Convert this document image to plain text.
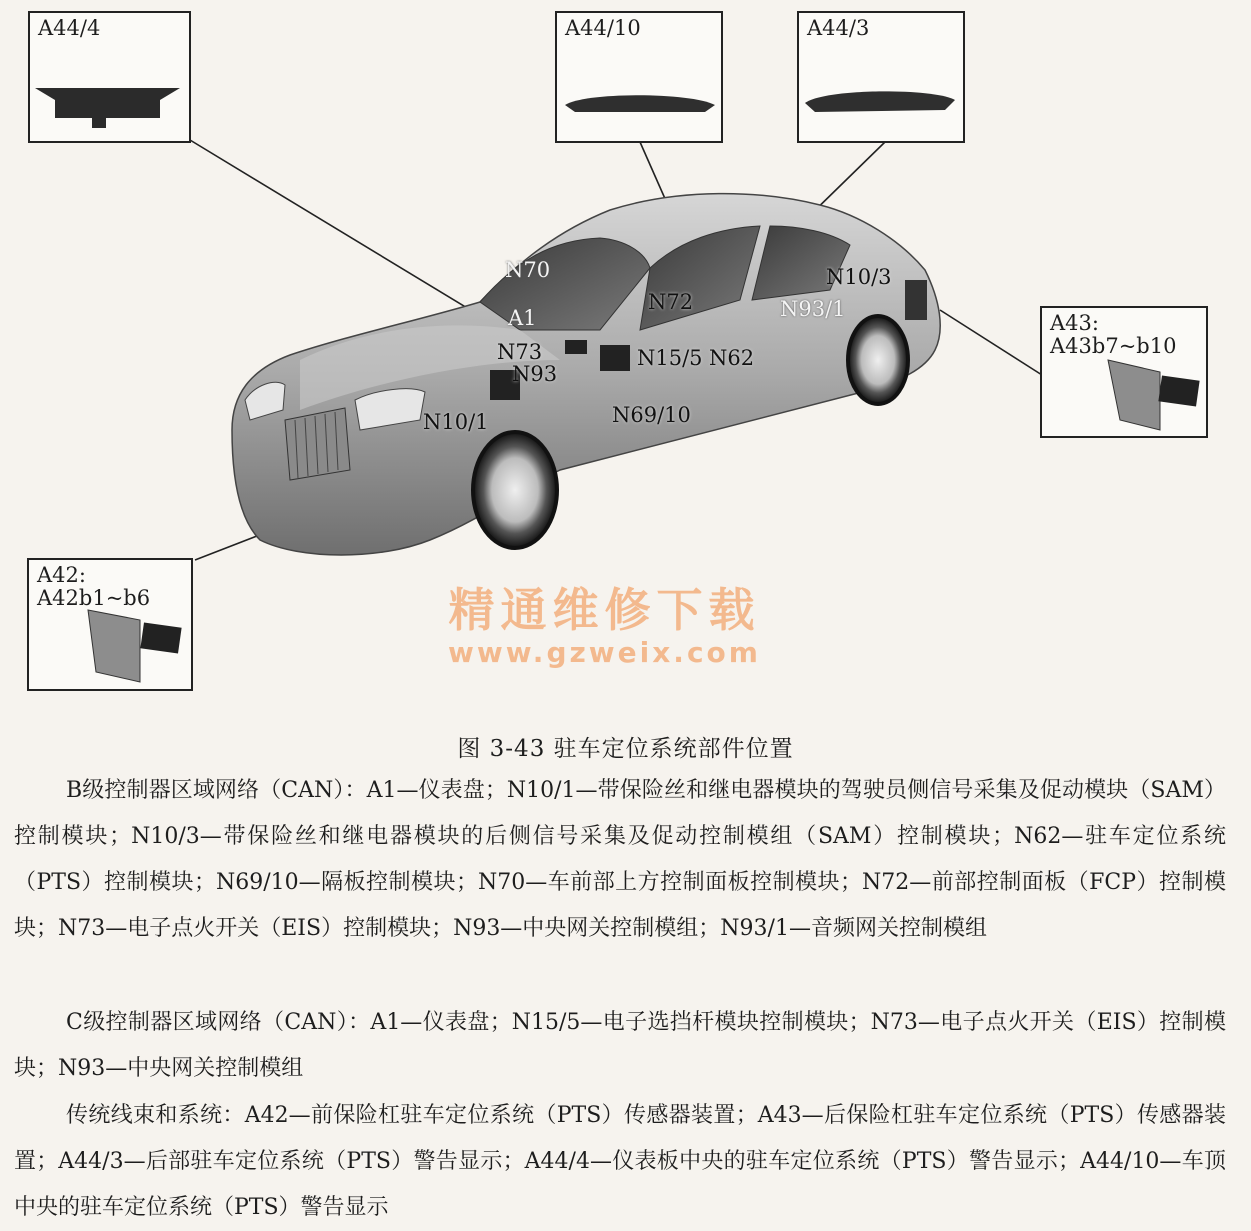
A44/4	A44/10	A44/3
A43:
A43b7~b10
A42:
A42b1~b6
N70
A1
N72
N73
N93
N15/5 N62
N10/1	N69/10
N10/3
N93/1
精通维修下载
www.gzweix.com
图 3-43 驻车定位系统部件位置
B级控制器区域网络（CAN）：A1—仪表盘；N10/1—带保险丝和继电器模块的驾驶员侧信号采集及促动模块（SAM）控制模块；N10/3—带保险丝和继电器模块的后侧信号采集及促动控制模组（SAM）控制模块；N62—驻车定位系统（PTS）控制模块；N69/10—隔板控制模块；N70—车前部上方控制面板控制模块；N72—前部控制面板（FCP）控制模块；N73—电子点火开关（EIS）控制模块；N93—中央网关控制模组；N93/1—音频网关控制模组
C级控制器区域网络（CAN）：A1—仪表盘；N15/5—电子选挡杆模块控制模块；N73—电子点火开关（EIS）控制模块；N93—中央网关控制模组
传统线束和系统：A42—前保险杠驻车定位系统（PTS）传感器装置；A43—后保险杠驻车定位系统（PTS）传感器装置；A44/3—后部驻车定位系统（PTS）警告显示；A44/4—仪表板中央的驻车定位系统（PTS）警告显示；A44/10—车顶中央的驻车定位系统（PTS）警告显示
